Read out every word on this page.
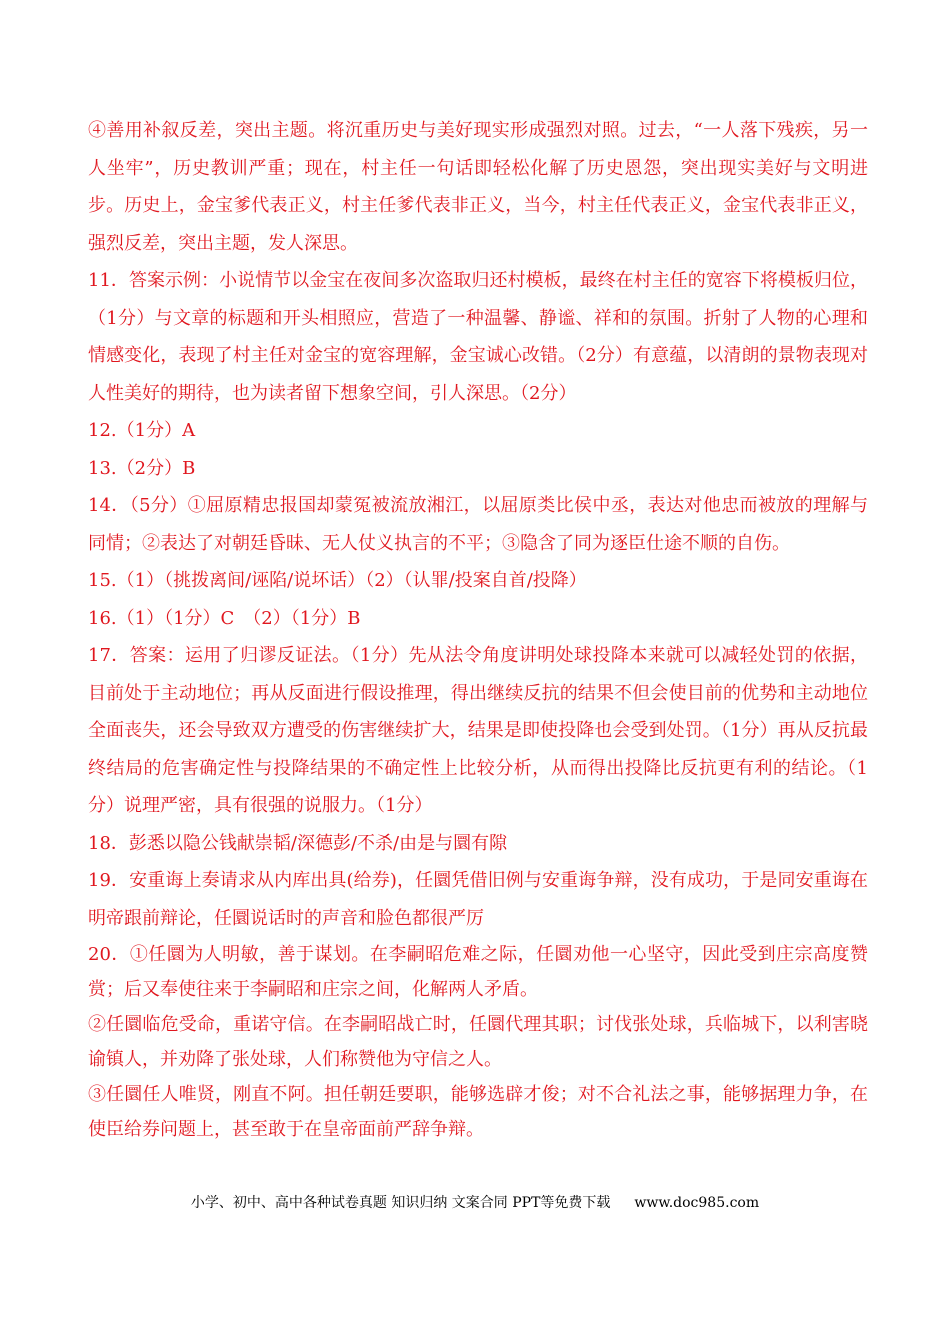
④善用补叙反差，突出主题。将沉重历史与美好现实形成强烈对照。过去，“一人落下残疾，另一人坐牢”，历史教训严重；现在，村主任一句话即轻松化解了历史恩怨，突出现实美好与文明进步。历史上，金宝爹代表正义，村主任爹代表非正义，当今，村主任代表正义，金宝代表非正义，强烈反差，突出主题，发人深思。

11．答案示例：小说情节以金宝在夜间多次盗取归还村模板，最终在村主任的宽容下将模板归位，（1分）与文章的标题和开头相照应，营造了一种温馨、静谧、祥和的氛围。折射了人物的心理和情感变化，表现了村主任对金宝的宽容理解，金宝诚心改错。（2分）有意蕴，以清朗的景物表现对人性美好的期待，也为读者留下想象空间，引人深思。（2分）

12.（1分）A

13.（2分）B

14．（5分）①屈原精忠报国却蒙冤被流放湘江，以屈原类比侯中丞，表达对他忠而被放的理解与同情；②表达了对朝廷昏昧、无人仗义执言的不平；③隐含了同为逐臣仕途不顺的自伤。

15.（1）（挑拨离间/诬陷/说坏话）（2）（认罪/投案自首/投降）

16.（1）（1分）C　（2）（1分）B

17．答案：运用了归谬反证法。（1分）先从法令角度讲明处球投降本来就可以减轻处罚的依据，目前处于主动地位；再从反面进行假设推理，得出继续反抗的结果不但会使目前的优势和主动地位全面丧失，还会导致双方遭受的伤害继续扩大，结果是即使投降也会受到处罚。（1分）再从反抗最终结局的危害确定性与投降结果的不确定性上比较分析，从而得出投降比反抗更有利的结论。（1分）说理严密，具有很强的说服力。（1分）

18．彭悉以隐公钱献崇韬/深德彭/不杀/由是与圜有隙

19．安重诲上奏请求从内库出具(给券)，任圜凭借旧例与安重诲争辩，没有成功，于是同安重诲在明帝跟前辩论，任圜说话时的声音和脸色都很严厉

20．①任圜为人明敏，善于谋划。在李嗣昭危难之际，任圜劝他一心坚守，因此受到庄宗高度赞赏；后又奉使往来于李嗣昭和庄宗之间，化解两人矛盾。

②任圜临危受命，重诺守信。在李嗣昭战亡时，任圜代理其职；讨伐张处球，兵临城下，以利害晓谕镇人，并劝降了张处球，人们称赞他为守信之人。

③任圜任人唯贤，刚直不阿。担任朝廷要职，能够选辟才俊；对不合礼法之事，能够据理力争，在使臣给券问题上，甚至敢于在皇帝面前严辞争辩。

小学、初中、高中各种试卷真题 知识归纳 文案合同 PPT等免费下载 www.doc985.com
